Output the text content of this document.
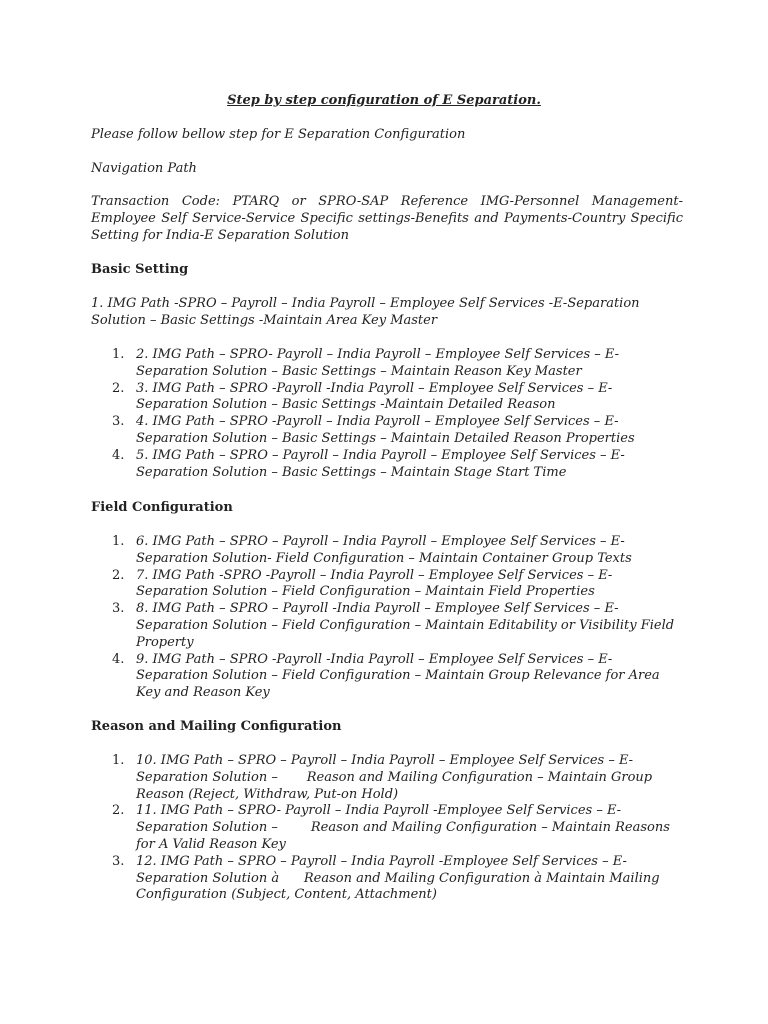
Step by step configuration of E Separation.
Please follow bellow step for E Separation Configuration
Navigation Path
Transaction Code: PTARQ or SPRO-SAP Reference IMG-Personnel Management-Employee Self Service-Service Specific settings-Benefits and Payments-Country Specific Setting for India-E Separation Solution
Basic Setting
1. IMG Path -SPRO – Payroll – India Payroll – Employee Self Services -E-Separation Solution – Basic Settings -Maintain Area Key Master
1. 2. IMG Path – SPRO- Payroll – India Payroll – Employee Self Services – E-Separation Solution – Basic Settings – Maintain Reason Key Master
2. 3. IMG Path – SPRO -Payroll -India Payroll – Employee Self Services – E-Separation Solution – Basic Settings -Maintain Detailed Reason
3. 4. IMG Path – SPRO -Payroll – India Payroll – Employee Self Services – E-Separation Solution – Basic Settings – Maintain Detailed Reason Properties
4. 5. IMG Path – SPRO – Payroll – India Payroll – Employee Self Services – E-Separation Solution – Basic Settings – Maintain Stage Start Time
Field Configuration
1. 6. IMG Path – SPRO – Payroll – India Payroll – Employee Self Services – E-Separation Solution- Field Configuration – Maintain Container Group Texts
2. 7. IMG Path -SPRO -Payroll – India Payroll – Employee Self Services – E-Separation Solution – Field Configuration – Maintain Field Properties
3. 8. IMG Path – SPRO – Payroll -India Payroll – Employee Self Services – E-Separation Solution – Field Configuration – Maintain Editability or Visibility Field Property
4. 9. IMG Path – SPRO -Payroll -India Payroll – Employee Self Services – E-Separation Solution – Field Configuration – Maintain Group Relevance for Area Key and Reason Key
Reason and Mailing Configuration
1. 10. IMG Path – SPRO – Payroll – India Payroll – Employee Self Services – E-Separation Solution –       Reason and Mailing Configuration – Maintain Group Reason (Reject, Withdraw, Put-on Hold)
2. 11. IMG Path – SPRO- Payroll – India Payroll -Employee Self Services – E-Separation Solution –        Reason and Mailing Configuration – Maintain Reasons for A Valid Reason Key
3. 12. IMG Path – SPRO – Payroll – India Payroll -Employee Self Services – E-Separation Solution à      Reason and Mailing Configuration à Maintain Mailing Configuration (Subject, Content, Attachment)
